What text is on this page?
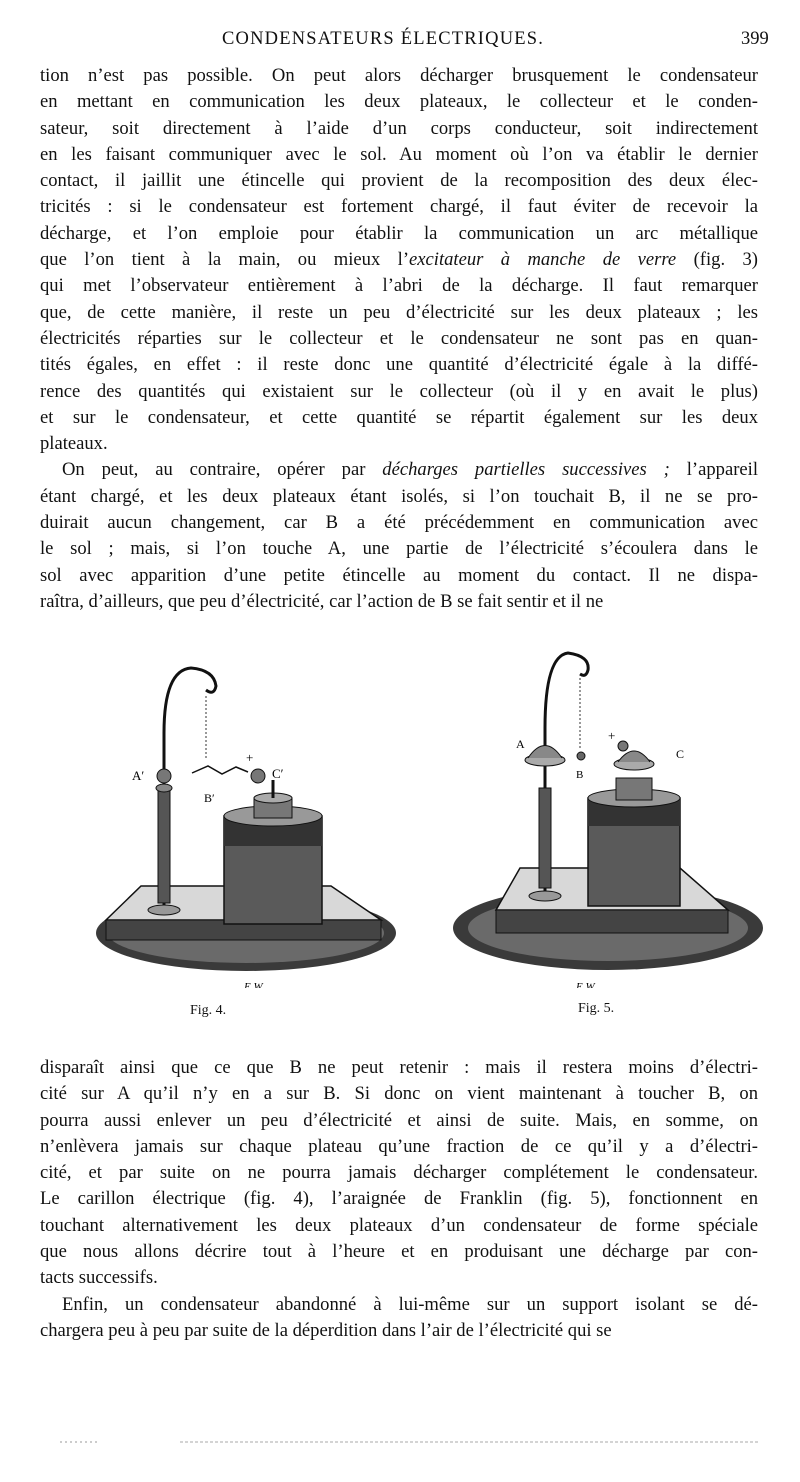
CONDENSATEURS ÉLECTRIQUES.	399
tion n’est pas possible. On peut alors décharger brusquement le condensateur
en mettant en communication les deux plateaux, le collecteur et le conden-
sateur, soit directement à l’aide d’un corps conducteur, soit indirectement
en les faisant communiquer avec le sol. Au moment où l’on va établir le dernier
contact, il jaillit une étincelle qui provient de la recomposition des deux élec-
tricités : si le condensateur est fortement chargé, il faut éviter de recevoir la
décharge, et l’on emploie pour établir la communication un arc métallique
que l’on tient à la main, ou mieux l’excitateur à manche de verre (fig. 3)
qui met l’observateur entièrement à l’abri de la décharge. Il faut remarquer
que, de cette manière, il reste un peu d’électricité sur les deux plateaux ; les
électricités réparties sur le collecteur et le condensateur ne sont pas en quan-
tités égales, en effet : il reste donc une quantité d’électricité égale à la diffé-
rence des quantités qui existaient sur le collecteur (où il y en avait le plus)
et sur le condensateur, et cette quantité se répartit également sur les deux
plateaux.
On peut, au contraire, opérer par décharges partielles successives ; l’appareil
étant chargé, et les deux plateaux étant isolés, si l’on touchait B, il ne se pro-
duirait aucun changement, car B a été précédemment en communication avec
le sol ; mais, si l’on touche A, une partie de l’électricité s’écoulera dans le
sol avec apparition d’une petite étincelle au moment du contact. Il ne dispa-
raîtra, d’ailleurs, que peu d’électricité, car l’action de B se fait sentir et il ne
A′
B′
C′
+
E.W.
A
B
C
+
E.W.
Fig. 4.	Fig. 5.
disparaît ainsi que ce que B ne peut retenir : mais il restera moins d’électri-
cité sur A qu’il n’y en a sur B. Si donc on vient maintenant à toucher B, on
pourra aussi enlever un peu d’électricité et ainsi de suite. Mais, en somme, on
n’enlèvera jamais sur chaque plateau qu’une fraction de ce qu’il y a d’électri-
cité, et par suite on ne pourra jamais décharger complétement le condensateur.
Le carillon électrique (fig. 4), l’araignée de Franklin (fig. 5), fonctionnent en
touchant alternativement les deux plateaux d’un condensateur de forme spéciale
que nous allons décrire tout à l’heure et en produisant une décharge par con-
tacts successifs.
Enfin, un condensateur abandonné à lui-même sur un support isolant se dé-
chargera peu à peu par suite de la déperdition dans l’air de l’électricité qui se
